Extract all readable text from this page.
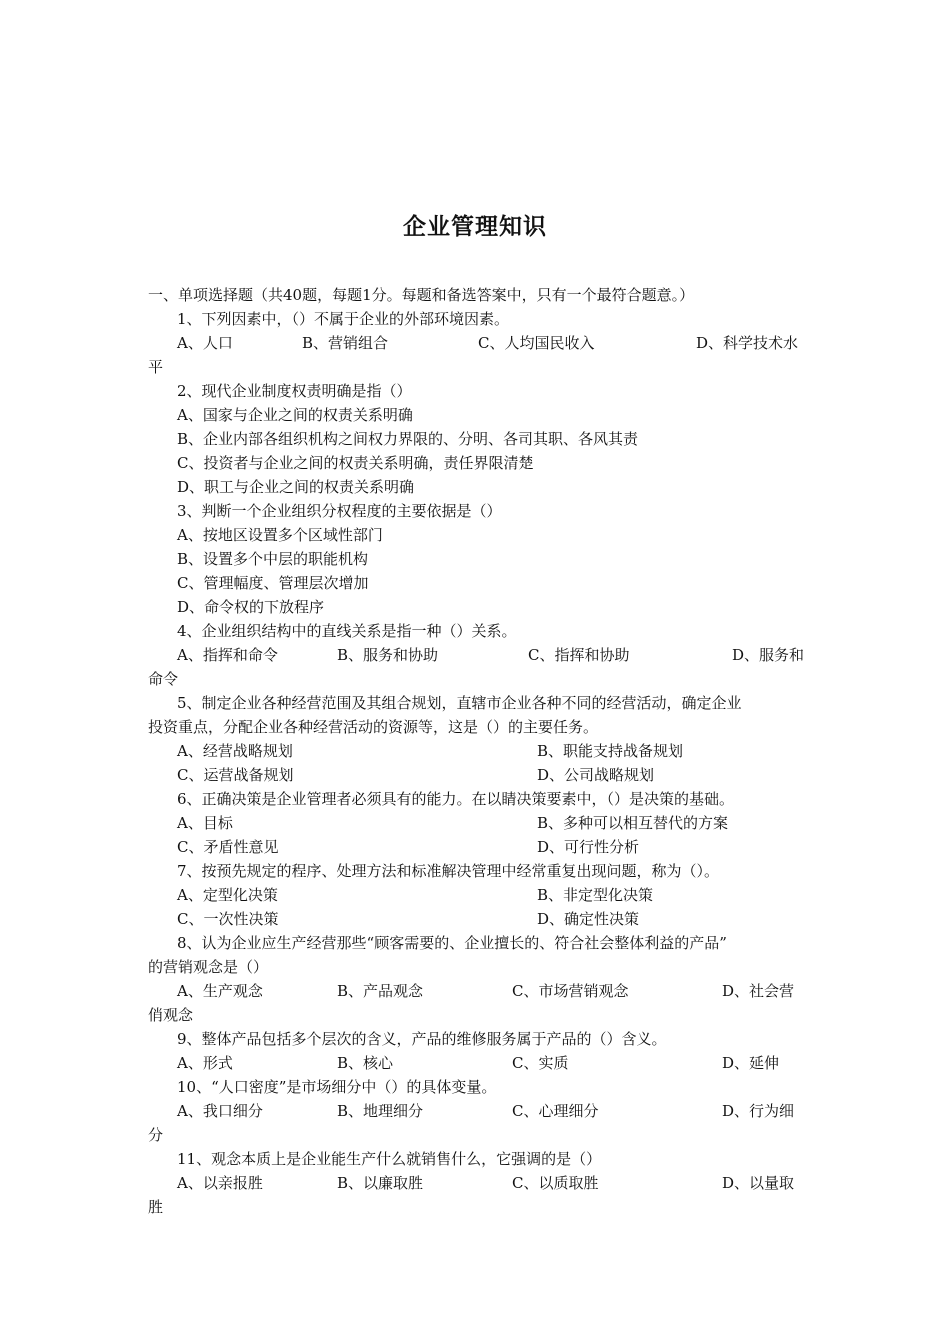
企业管理知识
一、单项选择题（共40题，每题1分。每题和备选答案中，只有一个最符合题意。）
1、下列因素中，（）不属于企业的外部环境因素。
A、人口	B、营销组合	C、人均国民收入	D、科学技术水
平
2、现代企业制度权责明确是指（）
A、国家与企业之间的权责关系明确
B、企业内部各组织机构之间权力界限的、分明、各司其职、各风其责
C、投资者与企业之间的权责关系明确，责任界限清楚
D、职工与企业之间的权责关系明确
3、判断一个企业组织分权程度的主要依据是（）
A、按地区设置多个区域性部门
B、设置多个中层的职能机构
C、管理幅度、管理层次增加
D、命令权的下放程序
4、企业组织结构中的直线关系是指一种（）关系。
A、指挥和命令	B、服务和协助	C、指挥和协助	D、服务和
命令
5、制定企业各种经营范围及其组合规划，直辖市企业各种不同的经营活动，确定企业
投资重点，分配企业各种经营活动的资源等，这是（）的主要任务。
A、经营战略规划	B、职能支持战备规划
C、运营战备规划	D、公司战略规划
6、正确决策是企业管理者必须具有的能力。在以睛决策要素中，（）是决策的基础。
A、目标	B、多种可以相互替代的方案
C、矛盾性意见	D、可行性分析
7、按预先规定的程序、处理方法和标准解决管理中经常重复出现问题，称为（）。
A、定型化决策	B、非定型化决策
C、一次性决策	D、确定性决策
8、认为企业应生产经营那些“顾客需要的、企业擅长的、符合社会整体利益的产品”
的营销观念是（）
A、生产观念	B、产品观念	C、市场营销观念	D、社会营
俏观念
9、整体产品包括多个层次的含义，产品的维修服务属于产品的（）含义。
A、形式	B、核心	C、实质	D、延伸
10、“人口密度”是市场细分中（）的具体变量。
A、我口细分	B、地理细分	C、心理细分	D、行为细
分
11、观念本质上是企业能生产什么就销售什么，它强调的是（）
A、以亲报胜	B、以廉取胜	C、以质取胜	D、以量取
胜
